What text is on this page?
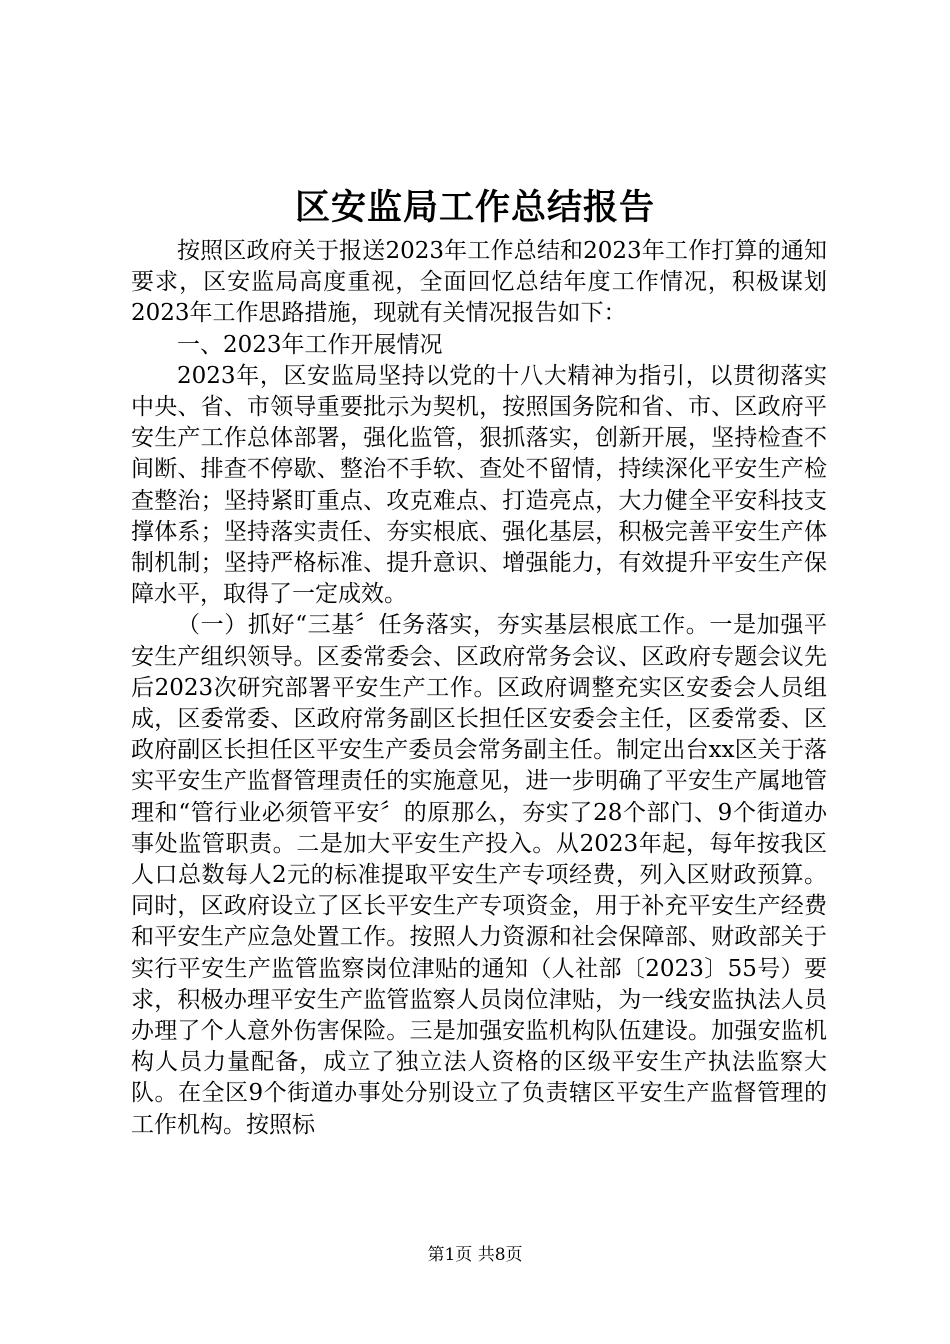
区安监局工作总结报告

按照区政府关于报送2023年工作总结和2023年工作打算的通知要求，区安监局高度重视，全面回忆总结年度工作情况，积极谋划2023年工作思路措施，现就有关情况报告如下：

一、2023年工作开展情况

2023年，区安监局坚持以党的十八大精神为指引，以贯彻落实中央、省、市领导重要批示为契机，按照国务院和省、市、区政府平安生产工作总体部署，强化监管，狠抓落实，创新开展，坚持检查不间断、排查不停歇、整治不手软、查处不留情，持续深化平安生产检查整治；坚持紧盯重点、攻克难点、打造亮点，大力健全平安科技支撑体系；坚持落实责任、夯实根底、强化基层，积极完善平安生产体制机制；坚持严格标准、提升意识、增强能力，有效提升平安生产保障水平，取得了一定成效。

（一）抓好“三基〞任务落实，夯实基层根底工作。一是加强平安生产组织领导。区委常委会、区政府常务会议、区政府专题会议先后2023次研究部署平安生产工作。区政府调整充实区安委会人员组成，区委常委、区政府常务副区长担任区安委会主任，区委常委、区政府副区长担任区平安生产委员会常务副主任。制定出台xx区关于落实平安生产监督管理责任的实施意见，进一步明确了平安生产属地管理和“管行业必须管平安〞的原那么，夯实了28个部门、9个街道办事处监管职责。二是加大平安生产投入。从2023年起，每年按我区人口总数每人2元的标准提取平安生产专项经费，列入区财政预算。同时，区政府设立了区长平安生产专项资金，用于补充平安生产经费和平安生产应急处置工作。按照人力资源和社会保障部、财政部关于实行平安生产监管监察岗位津贴的通知（人社部〔2023〕55号）要求，积极办理平安生产监管监察人员岗位津贴，为一线安监执法人员办理了个人意外伤害保险。三是加强安监机构队伍建设。加强安监机构人员力量配备，成立了独立法人资格的区级平安生产执法监察大队。在全区9个街道办事处分别设立了负责辖区平安生产监督管理的工作机构。按照标

第1页 共8页
